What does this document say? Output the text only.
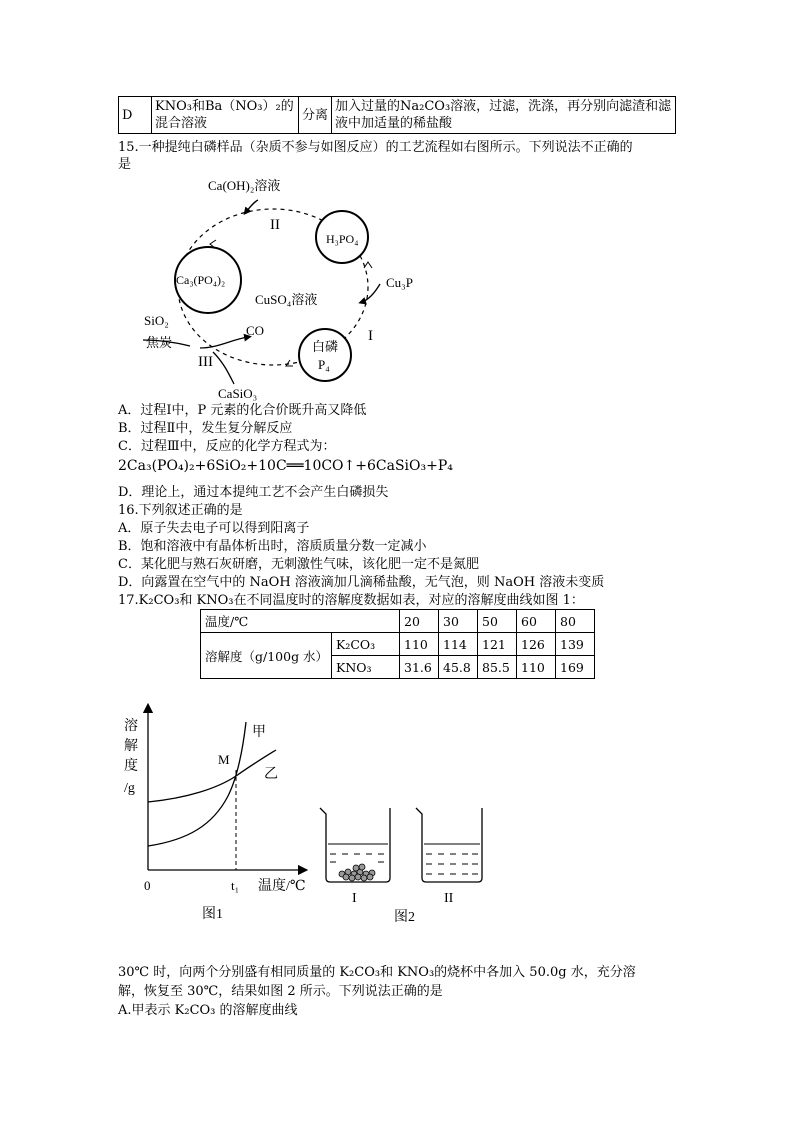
D	KNO₃和Ba（NO₃）₂的混合溶液	分离	加入过量的Na₂CO₃溶液，过滤，洗涤，再分别向滤渣和滤液中加适量的稀盐酸
15.一种提纯白磷样品（杂质不参与如图反应）的工艺流程如右图所示。下列说法不正确的
是
Ca(OH)₂溶液
II
H₃PO₄
Cu₃P
Ca₃(PO₄)₂
CuSO₄溶液
I
SiO₂
焦炭
CO
III
白磷
P₄
CaSiO₃
A．过程Ⅰ中，P 元素的化合价既升高又降低
B．过程Ⅱ中，发生复分解反应
C．过程Ⅲ中，反应的化学方程式为：
2Ca₃(PO₄)₂+6SiO₂+10C══10CO↑+6CaSiO₃+P₄
D．理论上，通过本提纯工艺不会产生白磷损失
16.下列叙述正确的是
A．原子失去电子可以得到阳离子
B．饱和溶液中有晶体析出时，溶质质量分数一定减小
C．某化肥与熟石灰研磨，无刺激性气味，该化肥一定不是氮肥
D．向露置在空气中的 NaOH 溶液滴加几滴稀盐酸，无气泡，则 NaOH 溶液未变质
17.K₂CO₃和 KNO₃在不同温度时的溶解度数据如表，对应的溶解度曲线如图 1：
温度/℃		20	30	50	60	80
溶解度（g/100g 水）	K₂CO₃	110	114	121	126	139
	KNO₃	31.6	45.8	85.5	110	169
溶
解
度
/g
0	t₁ 温度/℃
甲
乙
M
图1
I	II
图2
30℃ 时，向两个分别盛有相同质量的 K₂CO₃和 KNO₃的烧杯中各加入 50.0g 水，充分溶
解，恢复至 30℃，结果如图 2 所示。下列说法正确的是
A.甲表示 K₂CO₃ 的溶解度曲线
